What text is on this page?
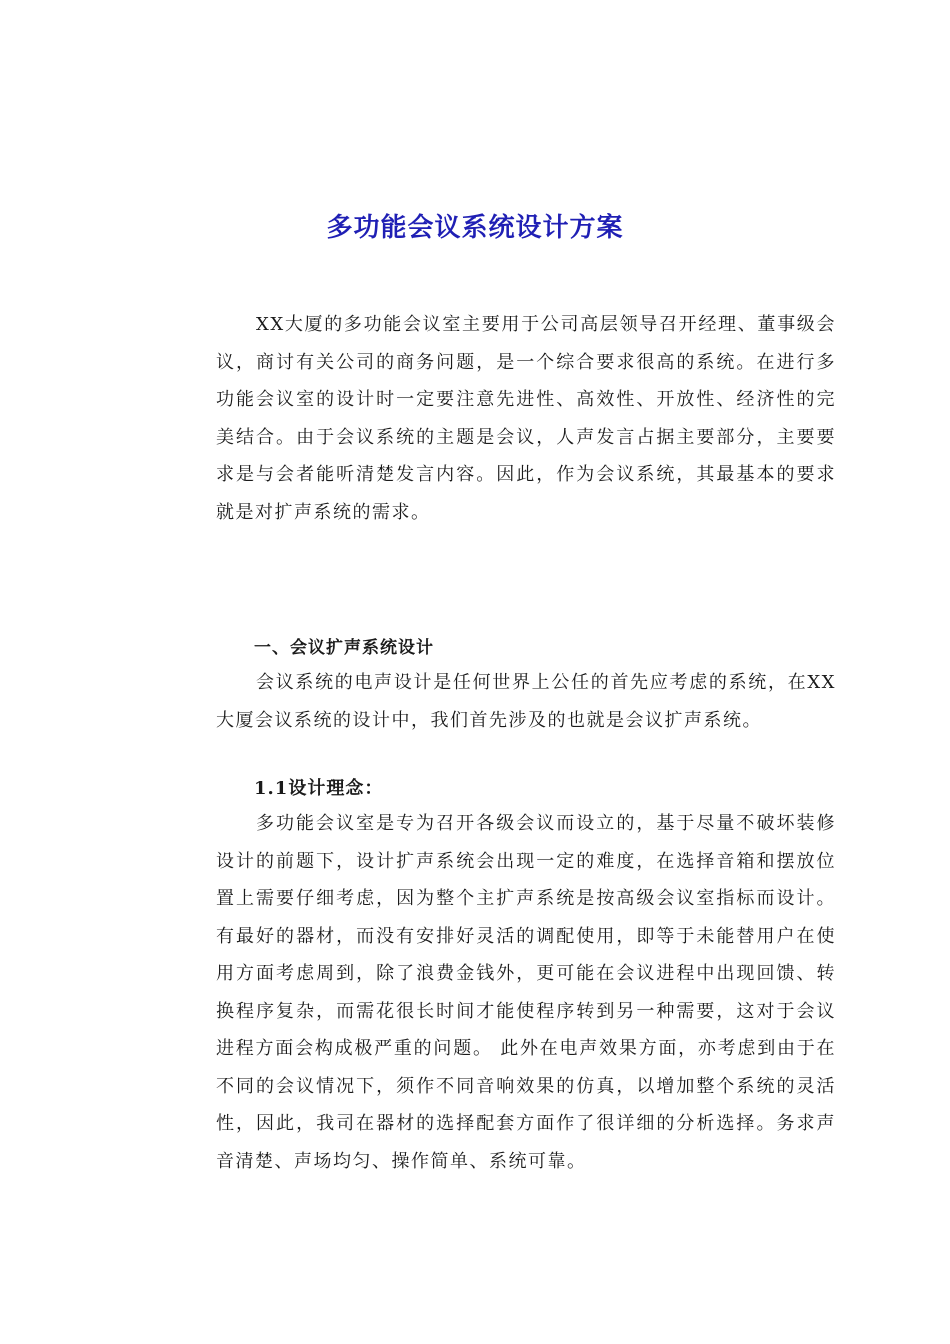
多功能会议系统设计方案

XX大厦的多功能会议室主要用于公司高层领导召开经理、董事级会议，商讨有关公司的商务问题，是一个综合要求很高的系统。在进行多功能会议室的设计时一定要注意先进性、高效性、开放性、经济性的完美结合。由于会议系统的主题是会议，人声发言占据主要部分，主要要求是与会者能听清楚发言内容。因此，作为会议系统，其最基本的要求就是对扩声系统的需求。

一、会议扩声系统设计

会议系统的电声设计是任何世界上公任的首先应考虑的系统，在XX大厦会议系统的设计中，我们首先涉及的也就是会议扩声系统。

1.1设计理念：

多功能会议室是专为召开各级会议而设立的，基于尽量不破坏装修设计的前题下，设计扩声系统会出现一定的难度，在选择音箱和摆放位置上需要仔细考虑，因为整个主扩声系统是按高级会议室指标而设计。有最好的器材，而没有安排好灵活的调配使用，即等于未能替用户在使用方面考虑周到，除了浪费金钱外，更可能在会议进程中出现回馈、转换程序复杂，而需花很长时间才能使程序转到另一种需要，这对于会议进程方面会构成极严重的问题。 此外在电声效果方面，亦考虑到由于在不同的会议情况下，须作不同音响效果的仿真，以增加整个系统的灵活性，因此，我司在器材的选择配套方面作了很详细的分析选择。务求声音清楚、声场均匀、操作简单、系统可靠。
